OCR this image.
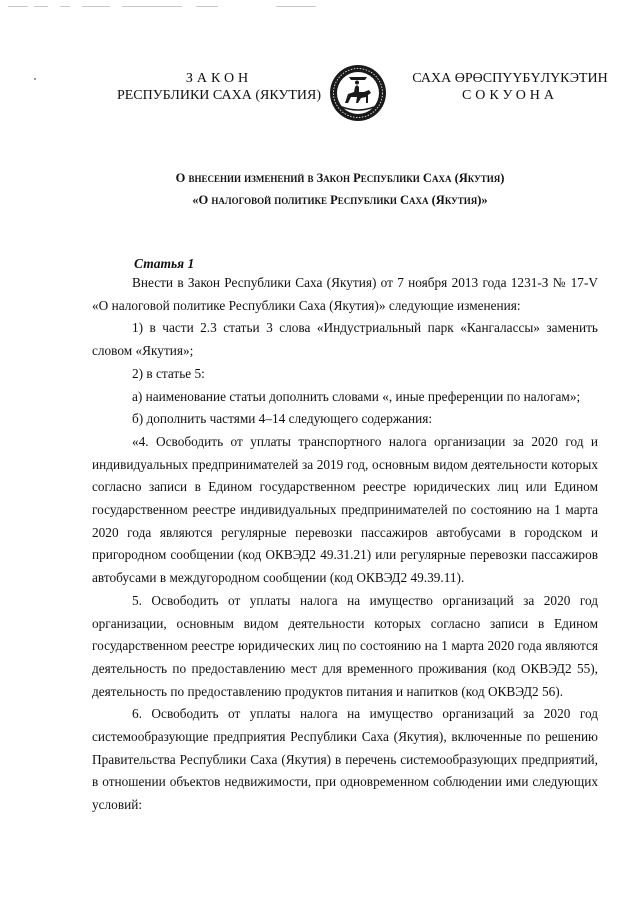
ЗАКОН
РЕСПУБЛИКИ САХА (ЯКУТИЯ)
САХА ӨРӨСПҮҮБҮЛҮКЭТИН
СОКУОНА
О внесении изменений в Закон Республики Саха (Якутия)
«О налоговой политике Республики Саха (Якутия)»
Статья 1

Внести в Закон Республики Саха (Якутия) от 7 ноября 2013 года 1231-З № 17-V «О налоговой политике Республики Саха (Якутия)» следующие изменения:

1) в части 2.3 статьи 3 слова «Индустриальный парк «Кангалассы» заменить словом «Якутия»;

2) в статье 5:

а) наименование статьи дополнить словами «, иные преференции по налогам»;

б) дополнить частями 4–14 следующего содержания:

«4. Освободить от уплаты транспортного налога организации за 2020 год и индивидуальных предпринимателей за 2019 год, основным видом деятельности которых согласно записи в Едином государственном реестре юридических лиц или Едином государственном реестре индивидуальных предпринимателей по состоянию на 1 марта 2020 года являются регулярные перевозки пассажиров автобусами в городском и пригородном сообщении (код ОКВЭД2 49.31.21) или регулярные перевозки пассажиров автобусами в междугородном сообщении (код ОКВЭД2 49.39.11).

5. Освободить от уплаты налога на имущество организаций за 2020 год организации, основным видом деятельности которых согласно записи в Едином государственном реестре юридических лиц по состоянию на 1 марта 2020 года являются деятельность по предоставлению мест для временного проживания (код ОКВЭД2 55), деятельность по предоставлению продуктов питания и напитков (код ОКВЭД2 56).

6. Освободить от уплаты налога на имущество организаций за 2020 год системообразующие предприятия Республики Саха (Якутия), включенные по решению Правительства Республики Саха (Якутия) в перечень системообразующих предприятий, в отношении объектов недвижимости, при одновременном соблюдении ими следующих условий:
